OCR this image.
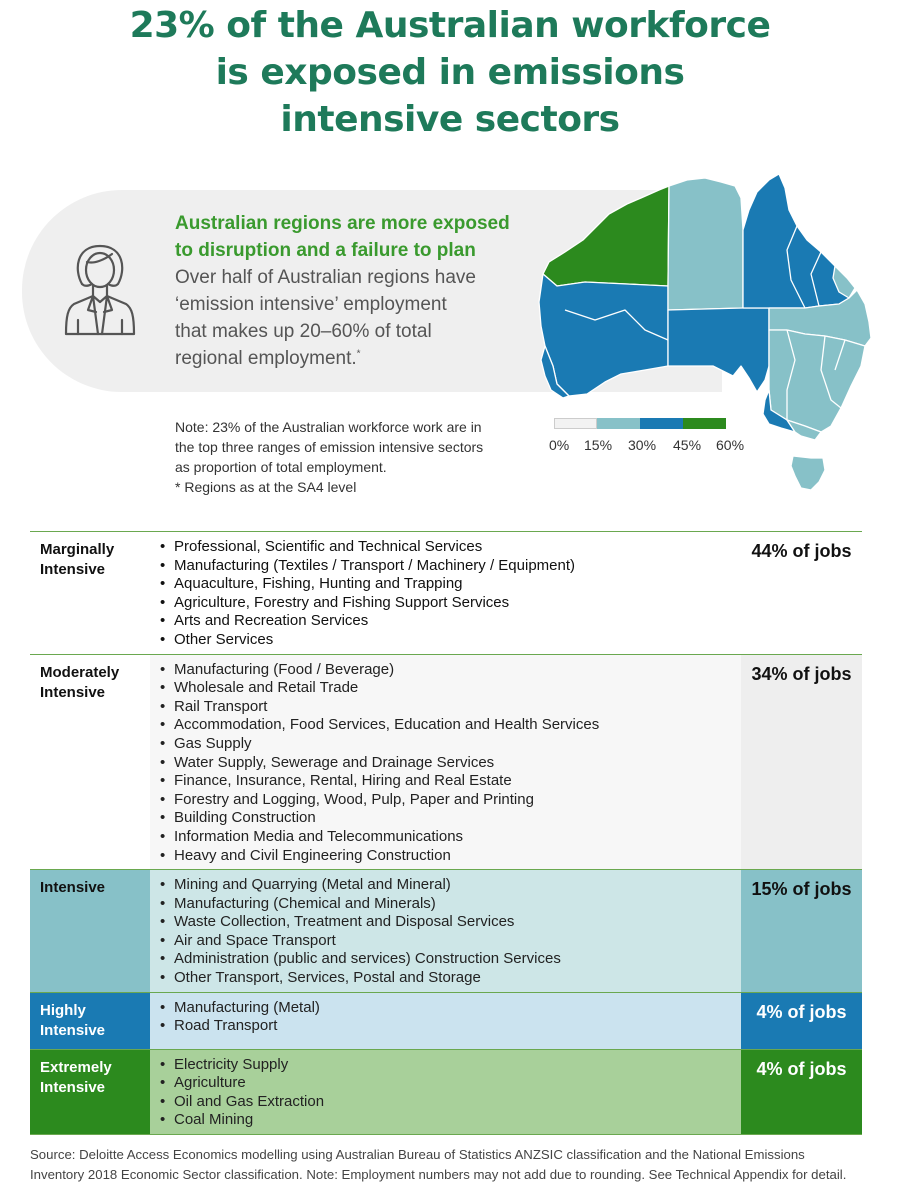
23% of the Australian workforce
is exposed in emissions
intensive sectors
Australian regions are more exposed
to disruption and a failure to plan
Over half of Australian regions have
‘emission intensive’ employment
that makes up 20–60% of total
regional employment.*
Note: 23% of the Australian workforce work are in
the top three ranges of emission intensive sectors
as proportion of total employment.
* Regions as at the SA4 level
0% 15% 30% 45% 60%
Marginally
Intensive
• Professional, Scientific and Technical Services
• Manufacturing (Textiles / Transport / Machinery / Equipment)
• Aquaculture, Fishing, Hunting and Trapping
• Agriculture, Forestry and Fishing Support Services
• Arts and Recreation Services
• Other Services
44% of jobs
Moderately
Intensive
• Manufacturing (Food / Beverage)
• Wholesale and Retail Trade
• Rail Transport
• Accommodation, Food Services, Education and Health Services
• Gas Supply
• Water Supply, Sewerage and Drainage Services
• Finance, Insurance, Rental, Hiring and Real Estate
• Forestry and Logging, Wood, Pulp, Paper and Printing
• Building Construction
• Information Media and Telecommunications
• Heavy and Civil Engineering Construction
34% of jobs
Intensive
•	Mining and Quarrying (Metal and Mineral)
• Manufacturing (Chemical and Minerals)
• Waste Collection, Treatment and Disposal Services
• Air and Space Transport
• Administration (public and services) Construction Services
• Other Transport, Services, Postal and Storage
15% of jobs
Highly
Intensive
• Manufacturing (Metal)
• Road Transport
4% of jobs
Extremely
Intensive
• Electricity Supply
• Agriculture
• Oil and Gas Extraction
• Coal Mining
4% of jobs
Source: Deloitte Access Economics modelling using Australian Bureau of Statistics ANZSIC classification and the National Emissions
Inventory 2018 Economic Sector classification. Note: Employment numbers may not add due to rounding. See Technical Appendix for detail.
